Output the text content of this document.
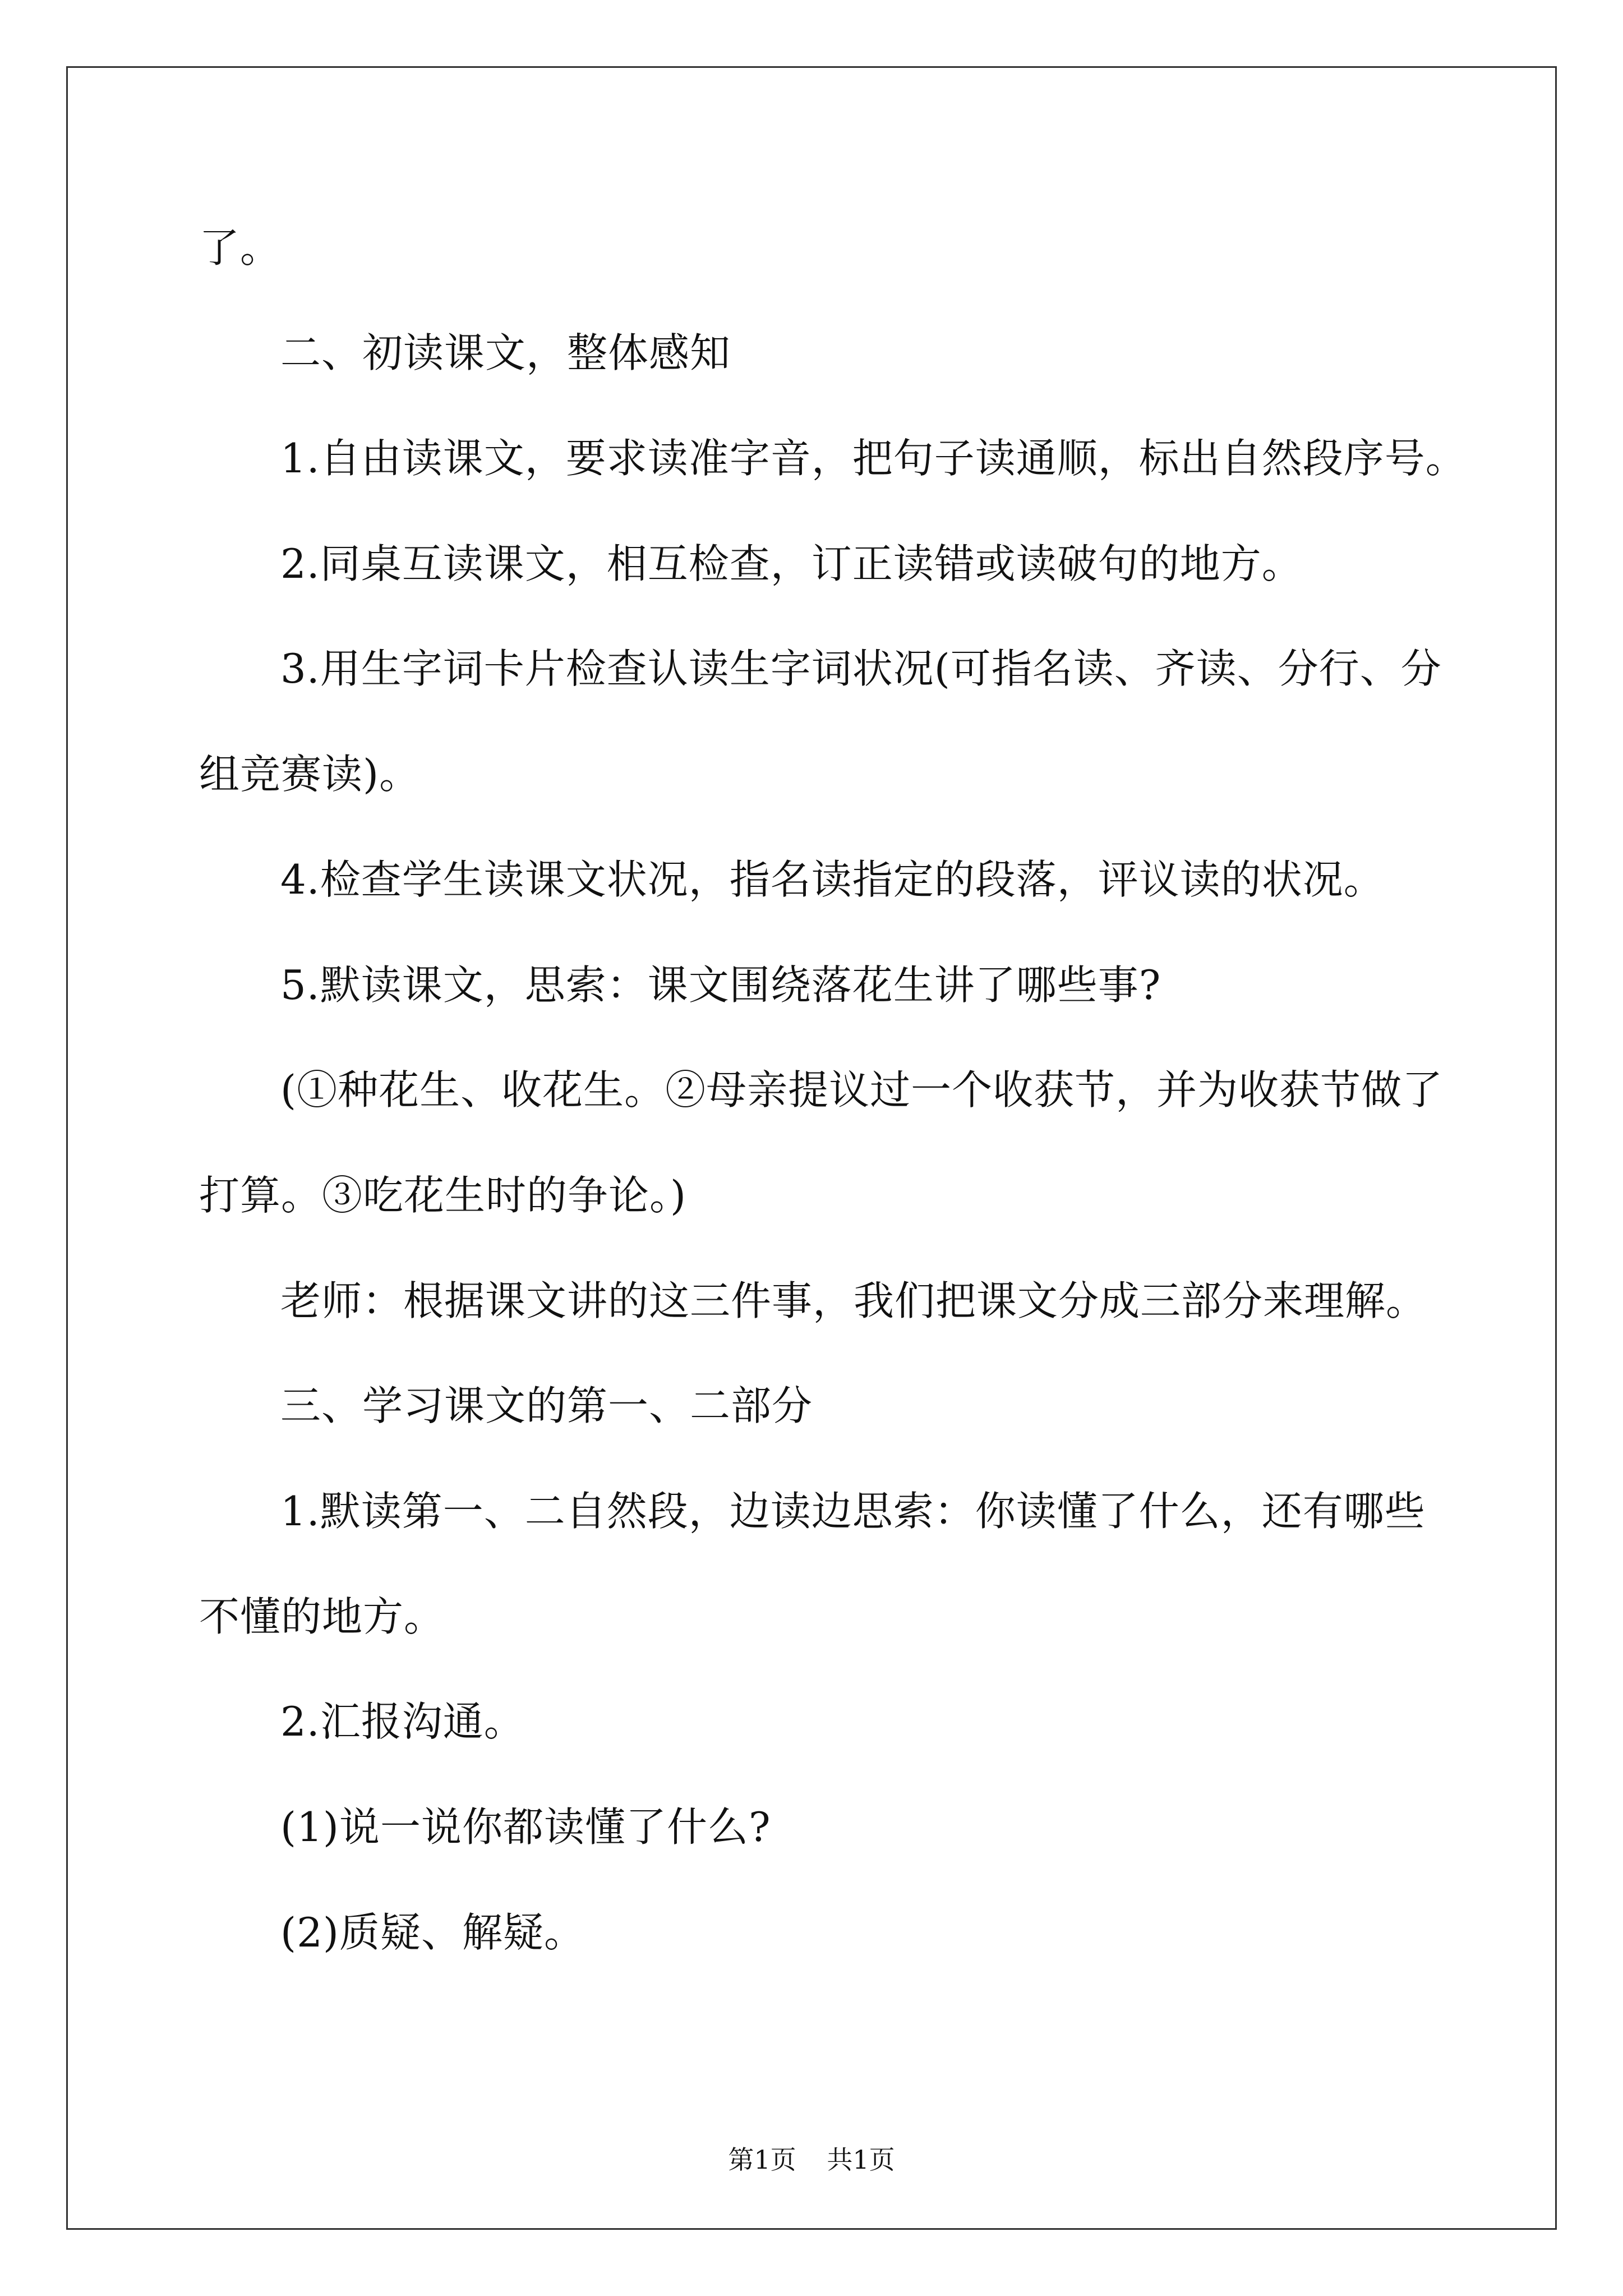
了。
二、初读课文，整体感知
1.自由读课文，要求读准字音，把句子读通顺，标出自然段序号。
2.同桌互读课文，相互检查，订正读错或读破句的地方。
3.用生字词卡片检查认读生字词状况(可指名读、齐读、分行、分
组竞赛读)。
4.检查学生读课文状况，指名读指定的段落，评议读的状况。
5.默读课文，思索：课文围绕落花生讲了哪些事?
(①种花生、收花生。②母亲提议过一个收获节，并为收获节做了
打算。③吃花生时的争论。)
老师：根据课文讲的这三件事，我们把课文分成三部分来理解。
三、学习课文的第一、二部分
1.默读第一、二自然段，边读边思索：你读懂了什么，还有哪些
不懂的地方。
2.汇报沟通。
(1)说一说你都读懂了什么?
(2)质疑、解疑。
第1页 共1页
